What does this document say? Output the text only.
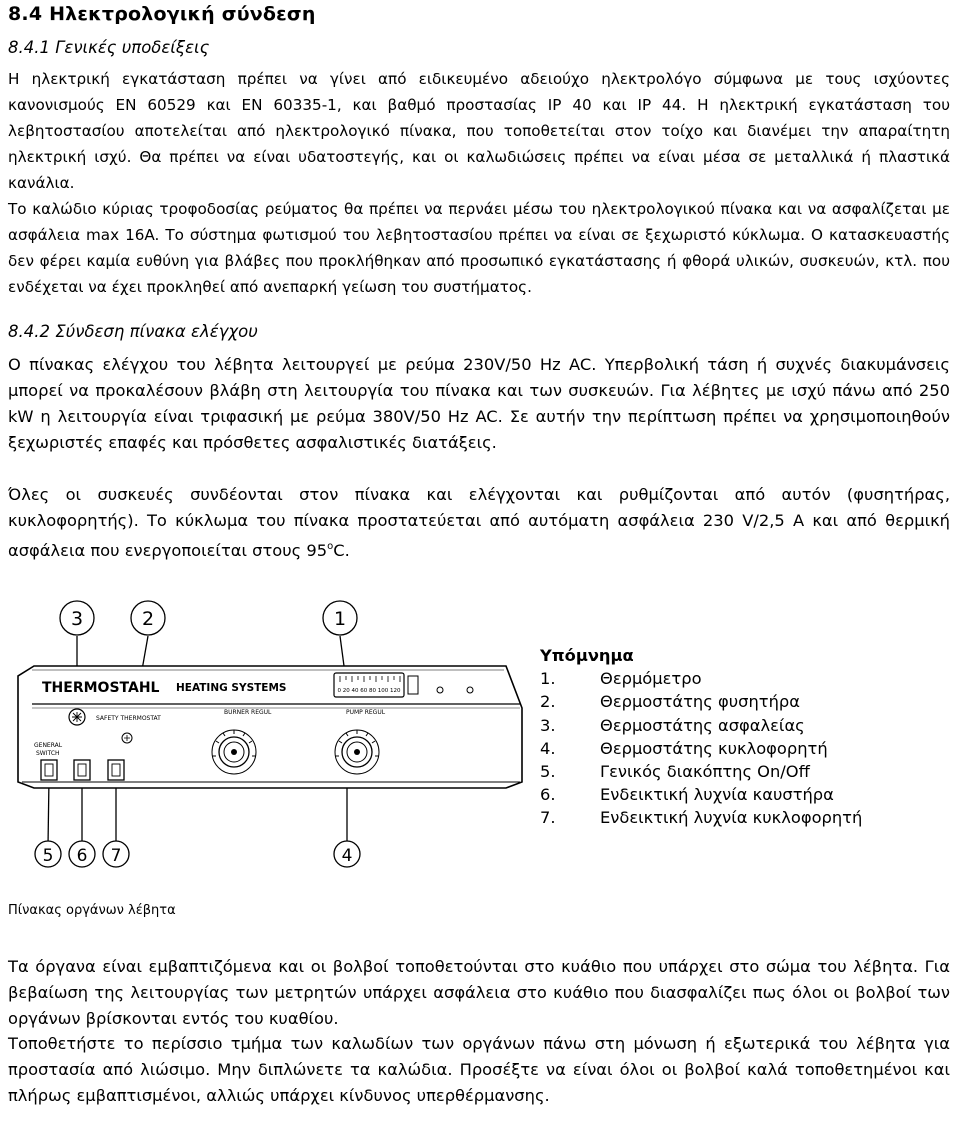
8.4 Ηλεκτρολογική σύνδεση
8.4.1 Γενικές υποδείξεις

Η ηλεκτρική εγκατάσταση πρέπει να γίνει από ειδικευμένο αδειούχο ηλεκτρολόγο σύμφωνα με τους ισχύοντες κανονισμούς EN 60529 και EN 60335-1, και βαθμό προστασίας IP 40 και IP 44. Η ηλεκτρική εγκατάσταση του λεβητοστασίου αποτελείται από ηλεκτρολογικό πίνακα, που τοποθετείται στον τοίχο και διανέμει την απαραίτητη ηλεκτρική ισχύ. Θα πρέπει να είναι υδατοστεγής, και οι καλωδιώσεις πρέπει να είναι μέσα σε μεταλλικά ή πλαστικά κανάλια.

Το καλώδιο κύριας τροφοδοσίας ρεύματος θα πρέπει να περνάει μέσω του ηλεκτρολογικού πίνακα και να ασφαλίζεται με ασφάλεια max 16A. Το σύστημα φωτισμού του λεβητοστασίου πρέπει να είναι σε ξεχωριστό κύκλωμα. Ο κατασκευαστής δεν φέρει καμία ευθύνη για βλάβες που προκλήθηκαν από προσωπικό εγκατάστασης ή φθορά υλικών, συσκευών, κτλ. που ενδέχεται να έχει προκληθεί από ανεπαρκή γείωση του συστήματος.

8.4.2 Σύνδεση πίνακα ελέγχου

Ο πίνακας ελέγχου του λέβητα λειτουργεί με ρεύμα 230V/50 Hz AC. Υπερβολική τάση ή συχνές διακυμάνσεις μπορεί να προκαλέσουν βλάβη στη λειτουργία του πίνακα και των συσκευών. Για λέβητες με ισχύ πάνω από 250 kW η λειτουργία είναι τριφασική με ρεύμα 380V/50 Hz AC. Σε αυτήν την περίπτωση πρέπει να χρησιμοποιηθούν ξεχωριστές επαφές και πρόσθετες ασφαλιστικές διατάξεις.

Όλες οι συσκευές συνδέονται στον πίνακα και ελέγχονται και ρυθμίζονται από αυτόν (φυσητήρας, κυκλοφορητής). Το κύκλωμα του πίνακα προστατεύεται από αυτόματη ασφάλεια 230 V/2,5 A και από θερμική ασφάλεια που ενεργοποιείται στους 95$^o$C.

3	2	1
5 6 7	4
THERMOSTAHL HEATING SYSTEMS	0 20 40 60 80 100 120
SAFETY THERMOSTAT
BURNER REGUL	PUMP REGUL
GENERAL
SWITCH
Υπόμνημα
1.	Θερμόμετρο
2.	Θερμοστάτης φυσητήρα
3.	Θερμοστάτης ασφαλείας
4.	Θερμοστάτης κυκλοφορητή
5.	Γενικός διακόπτης On/Off
6.	Ενδεικτική λυχνία καυστήρα
7.	Ενδεικτική λυχνία κυκλοφορητή
Πίνακας οργάνων λέβητα

Τα όργανα είναι εμβαπτιζόμενα και οι βολβοί τοποθετούνται στο κυάθιο που υπάρχει στο σώμα του λέβητα. Για βεβαίωση της λειτουργίας των μετρητών υπάρχει ασφάλεια στο κυάθιο που διασφαλίζει πως όλοι οι βολβοί των οργάνων βρίσκονται εντός του κυαθίου.

Τοποθετήστε το περίσσιο τμήμα των καλωδίων των οργάνων πάνω στη μόνωση ή εξωτερικά του λέβητα για προστασία από λιώσιμο. Μην διπλώνετε τα καλώδια. Προσέξτε να είναι όλοι οι βολβοί καλά τοποθετημένοι και πλήρως εμβαπτισμένοι, αλλιώς υπάρχει κίνδυνος υπερθέρμανσης.
